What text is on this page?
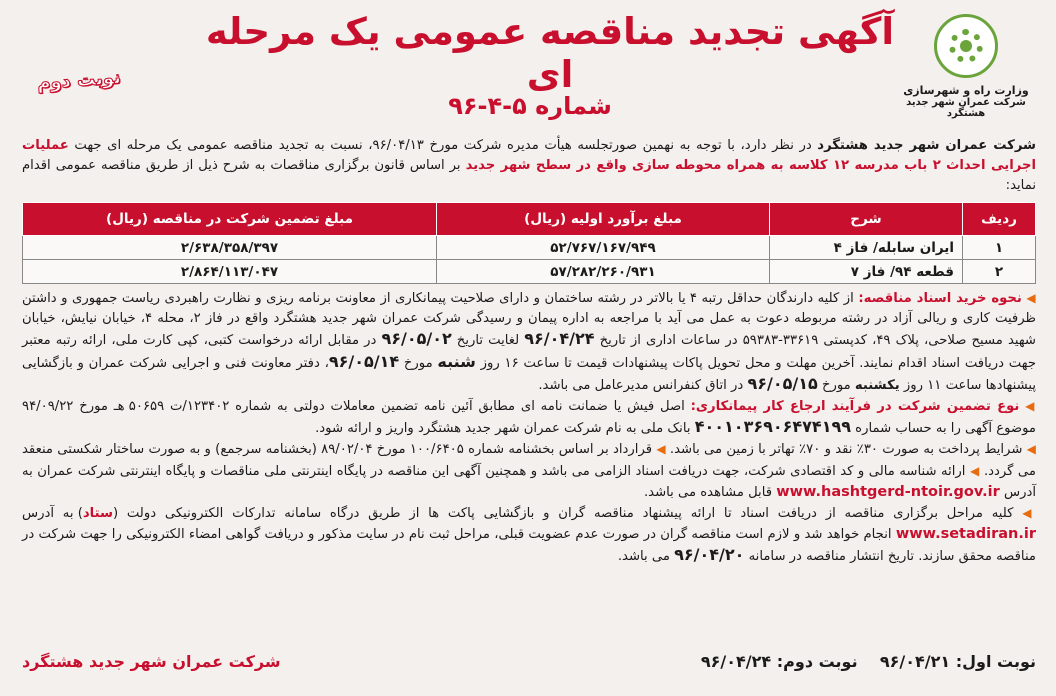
وزارت راه و شهرسازی
شرکت عمران شهر جدید هشتگرد
آگهی تجدید مناقصه عمومی یک مرحله ای
نوبت دوم
شماره ۵-۴-۹۶
شرکت عمران شهر جدید هشتگرد در نظر دارد، با توجه به نهمین صورتجلسه هیأت مدیره شرکت مورخ ۹۶/۰۴/۱۳، نسبت به تجدید مناقصه عمومی یک مرحله ای جهت عملیات اجرایی احداث ۲ باب مدرسه ۱۲ کلاسه به همراه محوطه سازی واقع در سطح شهر جدید بر اساس قانون برگزاری مناقصات به شرح ذیل از طریق مناقصه عمومی اقدام نماید:
ردیف	شرح	مبلغ برآورد اولیه (ریال)	مبلغ تضمین شرکت در مناقصه (ریال)
۱	ایران سابله/ فاز ۴	۵۲/۷۶۷/۱۶۷/۹۴۹	۲/۶۳۸/۳۵۸/۳۹۷
۲	قطعه ۹۴/ فاز ۷	۵۷/۲۸۲/۲۶۰/۹۳۱	۲/۸۶۴/۱۱۳/۰۴۷

◀ نحوه خرید اسناد مناقصه: از کلیه دارندگان حداقل رتبه ۴ یا بالاتر در رشته ساختمان و دارای صلاحیت پیمانکاری از معاونت برنامه ریزی و نظارت راهبردی ریاست جمهوری و داشتن ظرفیت کاری و ریالی آزاد در رشته مربوطه دعوت به عمل می آید با مراجعه به اداره پیمان و رسیدگی شرکت عمران شهر جدید هشتگرد واقع در فاز ۲، محله ۴، خیابان نیایش، خیابان شهید مسیح صلاحی، پلاک ۴۹، کدپستی ۳۳۶۱۹-۵۹۳۸۳ در ساعات اداری از تاریخ ۹۶/۰۴/۲۴ لغایت تاریخ ۹۶/۰۵/۰۲ در مقابل ارائه درخواست کتبی، کپی کارت ملی، ارائه رتبه معتبر جهت دریافت اسناد اقدام نمایند. آخرین مهلت و محل تحویل پاکات پیشنهادات قیمت تا ساعت ۱۶ روز شنبه مورخ ۹۶/۰۵/۱۴، دفتر معاونت فنی و اجرایی شرکت عمران و بازگشایی پیشنهادها ساعت ۱۱ روز یکشنبه مورخ ۹۶/۰۵/۱۵ در اتاق کنفرانس مدیرعامل می باشد.

◀ نوع تضمین شرکت در فرآیند ارجاع کار پیمانکاری: اصل فیش یا ضمانت نامه ای مطابق آئین نامه تضمین معاملات دولتی به شماره ۱۲۳۴۰۲/ت ۵۰۶۵۹ هـ مورخ ۹۴/۰۹/۲۲ موضوع آگهی را به حساب شماره ۴۰۰۱۰۳۶۹۰۶۴۷۴۱۹۹ بانک ملی به نام شرکت عمران شهر جدید هشتگرد واریز و ارائه شود.

◀ شرایط پرداخت به صورت ۳۰٪ نقد و ۷۰٪ تهاتر با زمین می باشد. ◀ قرارداد بر اساس بخشنامه شماره ۱۰۰/۶۴۰۵ مورخ ۸۹/۰۲/۰۴ (بخشنامه سرجمع) و به صورت ساختار شکستی منعقد می گردد. ◀ ارائه شناسه مالی و کد اقتصادی شرکت، جهت دریافت اسناد الزامی می باشد و همچنین آگهی این مناقصه در پایگاه اینترنتی ملی مناقصات و پایگاه اینترنتی شرکت عمران به آدرس www.hashtgerd-ntoir.gov.ir قابل مشاهده می باشد.

◀ کلیه مراحل برگزاری مناقصه از دریافت اسناد تا ارائه پیشنهاد مناقصه گران و بازگشایی پاکت ها از طریق درگاه سامانه تدارکات الکترونیکی دولت (ستاد) به آدرس www.setadiran.ir انجام خواهد شد و لازم است مناقصه گران در صورت عدم عضویت قبلی، مراحل ثبت نام در سایت مذکور و دریافت گواهی امضاء الکترونیکی را جهت شرکت در مناقصه محقق سازند. تاریخ انتشار مناقصه در سامانه ۹۶/۰۴/۲۰ می باشد.

نوبت اول: ۹۶/۰۴/۲۱    نوبت دوم: ۹۶/۰۴/۲۴
شرکت عمران شهر جدید هشتگرد
